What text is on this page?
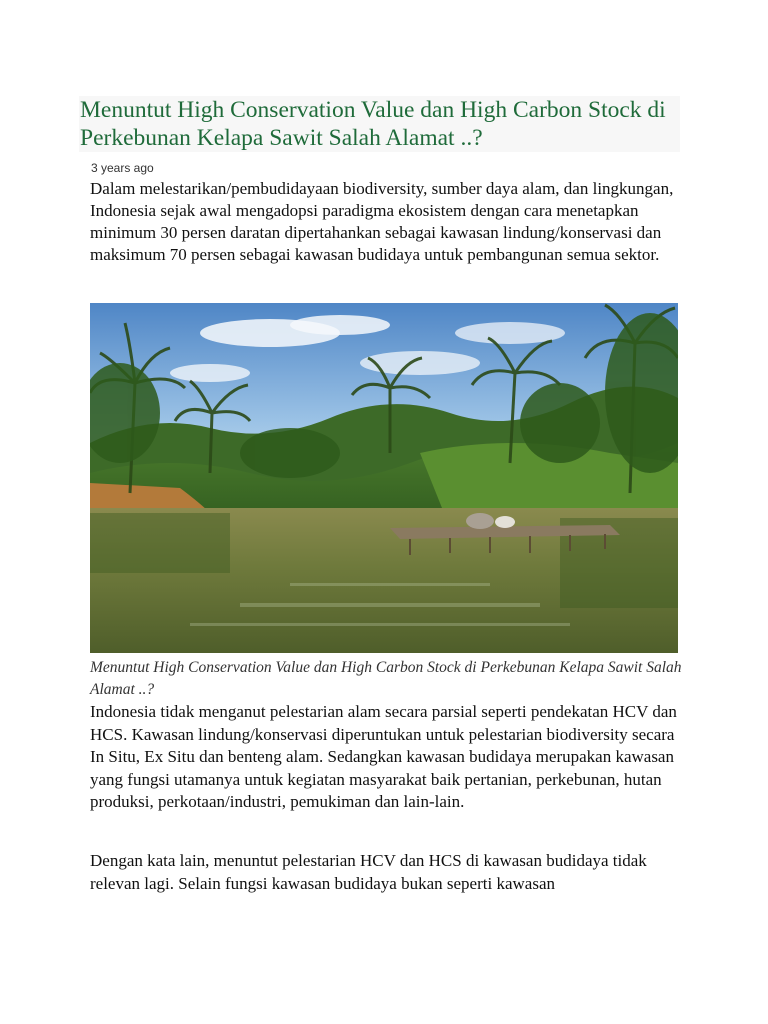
Menuntut High Conservation Value dan High Carbon Stock di Perkebunan Kelapa Sawit Salah Alamat ..?
3 years ago

Dalam melestarikan/pembudidayaan biodiversity, sumber daya alam, dan lingkungan, Indonesia sejak awal mengadopsi paradigma ekosistem dengan cara menetapkan minimum 30 persen daratan dipertahankan sebagai kawasan lindung/konservasi dan maksimum 70 persen sebagai kawasan budidaya untuk pembangunan semua sektor.

Menuntut High Conservation Value dan High Carbon Stock di Perkebunan Kelapa Sawit Salah Alamat ..?

Indonesia tidak menganut pelestarian alam secara parsial seperti pendekatan HCV dan HCS. Kawasan lindung/konservasi diperuntukan untuk pelestarian biodiversity secara In Situ, Ex Situ dan benteng alam. Sedangkan kawasan budidaya merupakan kawasan yang fungsi utamanya untuk kegiatan masyarakat baik pertanian, perkebunan, hutan produksi, perkotaan/industri, pemukiman dan lain-lain.

Dengan kata lain, menuntut pelestarian HCV dan HCS di kawasan budidaya tidak relevan lagi. Selain fungsi kawasan budidaya bukan seperti kawasan
